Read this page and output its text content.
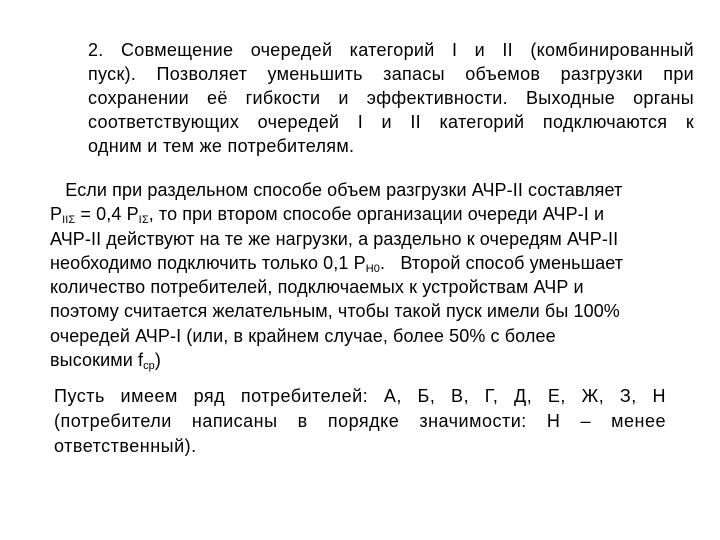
2. Совмещение очередей категорий I и II (комбинированный
пуск). Позволяет уменьшить запасы объемов разгрузки при
сохранении её гибкости и эффективности. Выходные органы
соответствующих очередей I и II категорий подключаются к
одним и тем же потребителям.

Если при раздельном способе объем разгрузки АЧР-II составляет
$P_{II\Sigma} = 0,4$ $P_{I\Sigma}$, то при втором способе организации очереди АЧР-I и
АЧР-II действуют на те же нагрузки, а раздельно к очередям АЧР-II
необходимо подключить только 0,1 $P_{Н0}$.   Второй способ уменьшает
количество потребителей, подключаемых к устройствам АЧР и
поэтому считается желательным, чтобы такой пуск имели бы 100%
очередей АЧР-I (или, в крайнем случае, более 50% с более
высокими $f_{ср}$)

Пусть имеем ряд потребителей: А, Б, В, Г, Д, Е, Ж, З, Н
(потребители написаны в порядке значимости: Н – менее
ответственный).
